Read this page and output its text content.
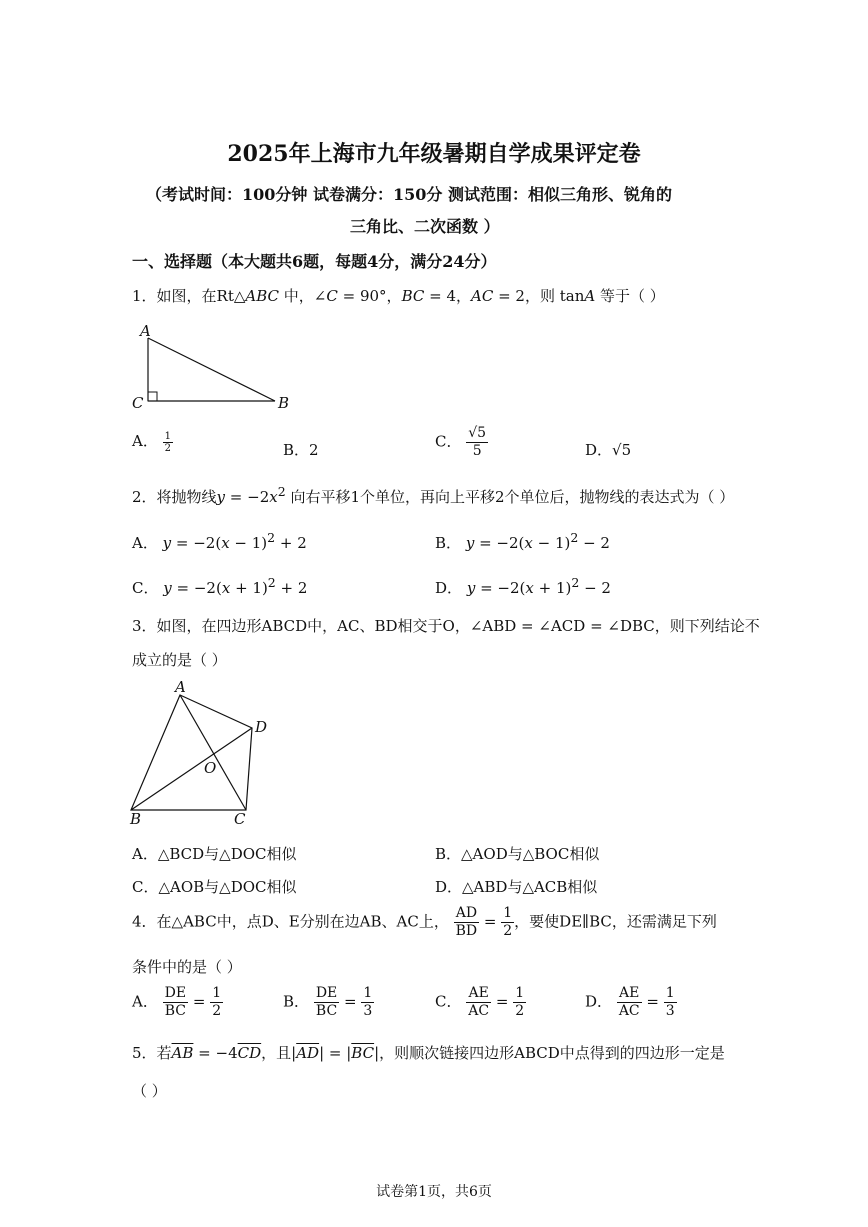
2025年上海市九年级暑期自学成果评定卷
（考试时间：100分钟 试卷满分：150分 测试范围：相似三角形、锐角的
三角比、二次函数 ）
一、选择题（本大题共6题，每题4分，满分24分）
1．如图，在Rt△ABC 中，∠C = 90°，BC = 4，AC = 2，则 tanA 等于（ ）
A
C	B
A． $\frac{1}{2}$	B．2	C． $\frac{√5}{5}$	D．√5
2．将抛物线$y = -2x^2$ 向右平移1个单位，再向上平移2个单位后，抛物线的表达式为（ ）
A． $y = -2(x - 1)^2 + 2$	B． $y = -2(x - 1)^2 - 2$
C． $y = -2(x + 1)^2 + 2$	D． $y = -2(x + 1)^2 - 2$
3．如图，在四边形ABCD中，AC、BD相交于O，∠ABD = ∠ACD = ∠DBC，则下列结论不
成立的是（ ）
A
D
O
B	C
A．△BCD与△DOC相似	B．△AOD与△BOC相似
C．△AOB与△DOC相似	D．△ABD与△ACB相似
4．在△ABC中，点D、E分别在边AB、AC上， $\frac{AD}{BD} = \frac{1}{2}$ ，要使DE∥BC，还需满足下列
条件中的是（ ）
A． $\frac{DE}{BC} = \frac{1}{2}$	B． $\frac{DE}{BC} = \frac{1}{3}$	C． $\frac{AE}{AC} = \frac{1}{2}$	D． $\frac{AE}{AC} = \frac{1}{3}$
5．若$\overline{AB} = -4\overline{CD}$，且$|\overline{AD}| = |\overline{BC}|$，则顺次链接四边形ABCD中点得到的四边形一定是
（ ）
试卷第1页，共6页
